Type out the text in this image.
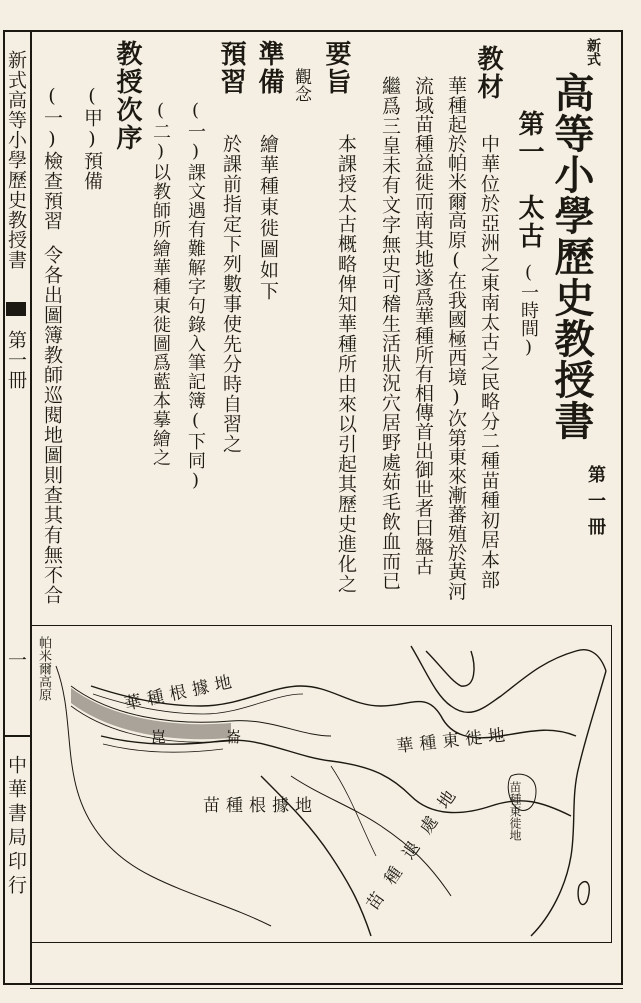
新式高等小學歷史教授書
第一冊
一
中華書局印行
新式
高等小學歷史教授書
第一冊
第一　太古
(一時間)
教材
中華位於亞洲之東南太古之民略分二種苗種初居本部
華種起於帕米爾高原(在我國極西境)次第東來漸蕃殖於黃河
流域苗種益徙而南其地遂爲華種所有相傳首出御世者曰盤古
繼爲三皇未有文字無史可稽生活狀況穴居野處茹毛飲血而已
要旨
觀念
本課授太古概略俾知華種所由來以引起其歷史進化之
準備
繪華種東徙圖如下
預習
於課前指定下列數事使先分時自習之
(一)課文遇有難解字句錄入筆記簿(下同)
(二)以教師所繪華種東徙圖爲藍本摹繪之
教授次序
(甲)預備
(一)檢查預習
令各出圖簿教師巡閱地圖則查其有無不合
帕米爾高原	華種根據地
崑崙	華種東徙地
苗種根據地	苗種東徙地
苗種退處地
